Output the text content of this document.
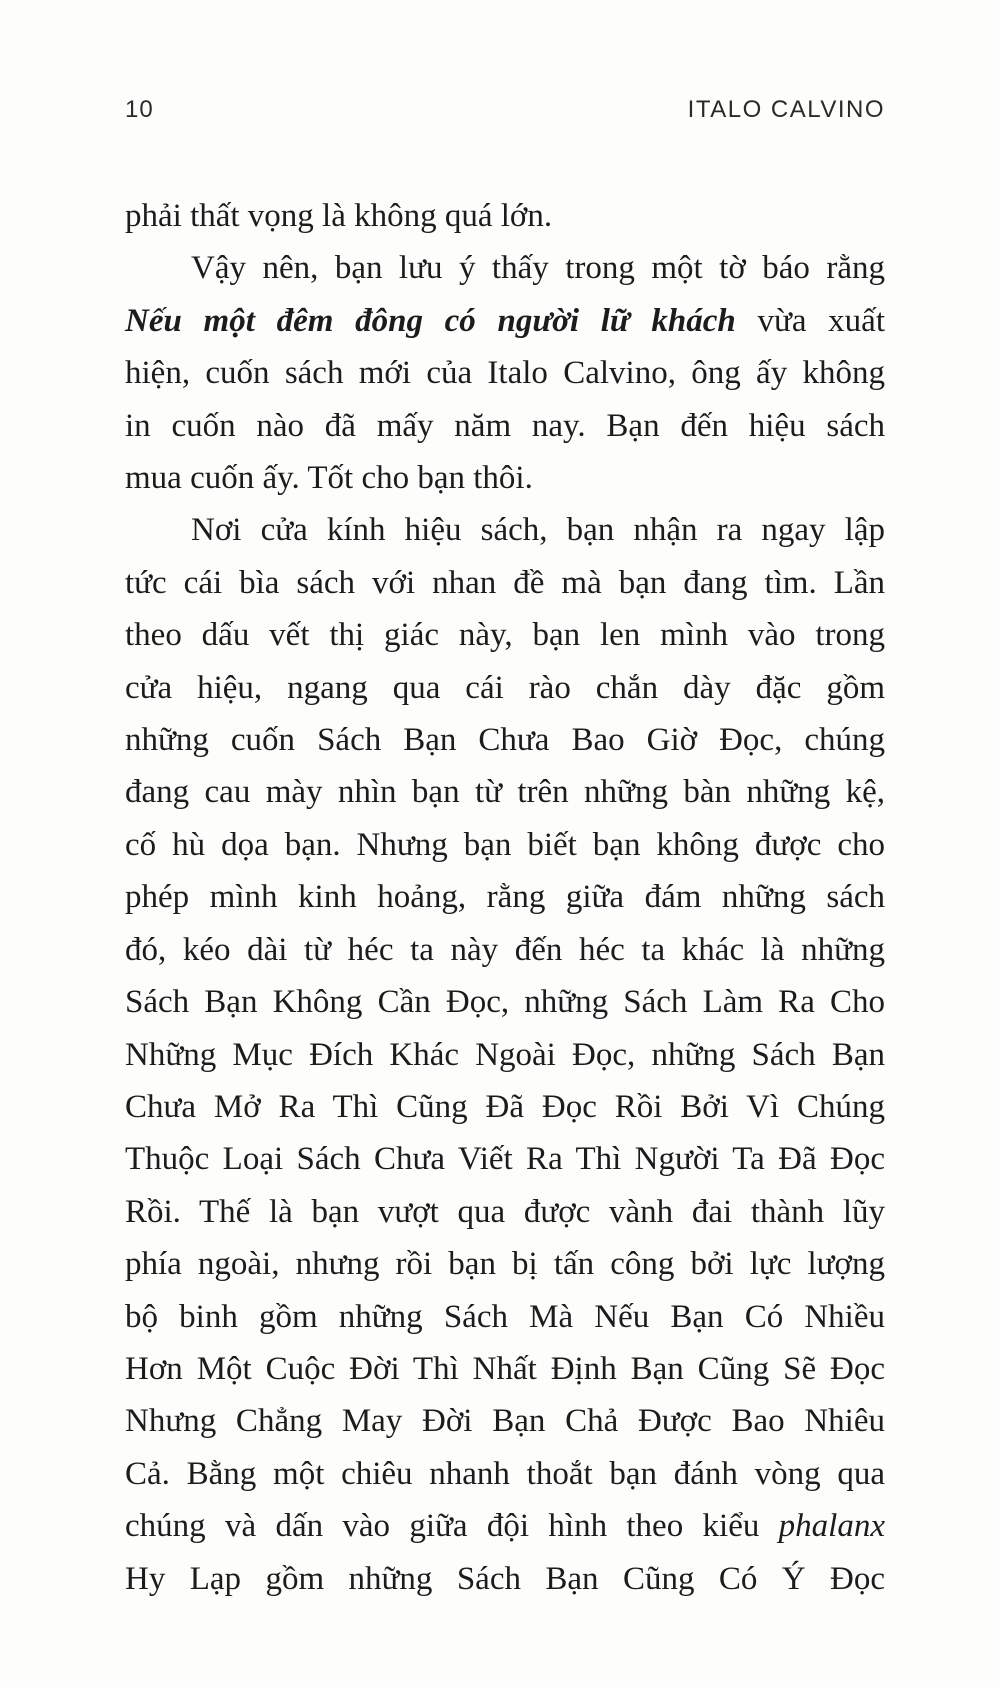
10	ITALO CALVINO

phải thất vọng là không quá lớn.

Vậy nên, bạn lưu ý thấy trong một tờ báo rằng
Nếu một đêm đông có người lữ khách vừa xuất
hiện, cuốn sách mới của Italo Calvino, ông ấy không
in cuốn nào đã mấy năm nay. Bạn đến hiệu sách
mua cuốn ấy. Tốt cho bạn thôi.

Nơi cửa kính hiệu sách, bạn nhận ra ngay lập
tức cái bìa sách với nhan đề mà bạn đang tìm. Lần
theo dấu vết thị giác này, bạn len mình vào trong
cửa hiệu, ngang qua cái rào chắn dày đặc gồm
những cuốn Sách Bạn Chưa Bao Giờ Đọc, chúng
đang cau mày nhìn bạn từ trên những bàn những kệ,
cố hù dọa bạn. Nhưng bạn biết bạn không được cho
phép mình kinh hoảng, rằng giữa đám những sách
đó, kéo dài từ héc ta này đến héc ta khác là những
Sách Bạn Không Cần Đọc, những Sách Làm Ra Cho
Những Mục Đích Khác Ngoài Đọc, những Sách Bạn
Chưa Mở Ra Thì Cũng Đã Đọc Rồi Bởi Vì Chúng
Thuộc Loại Sách Chưa Viết Ra Thì Người Ta Đã Đọc
Rồi. Thế là bạn vượt qua được vành đai thành lũy
phía ngoài, nhưng rồi bạn bị tấn công bởi lực lượng
bộ binh gồm những Sách Mà Nếu Bạn Có Nhiều
Hơn Một Cuộc Đời Thì Nhất Định Bạn Cũng Sẽ Đọc
Nhưng Chẳng May Đời Bạn Chả Được Bao Nhiêu
Cả. Bằng một chiêu nhanh thoắt bạn đánh vòng qua
chúng và dấn vào giữa đội hình theo kiểu phalanx
Hy Lạp gồm những Sách Bạn Cũng Có Ý Đọc
